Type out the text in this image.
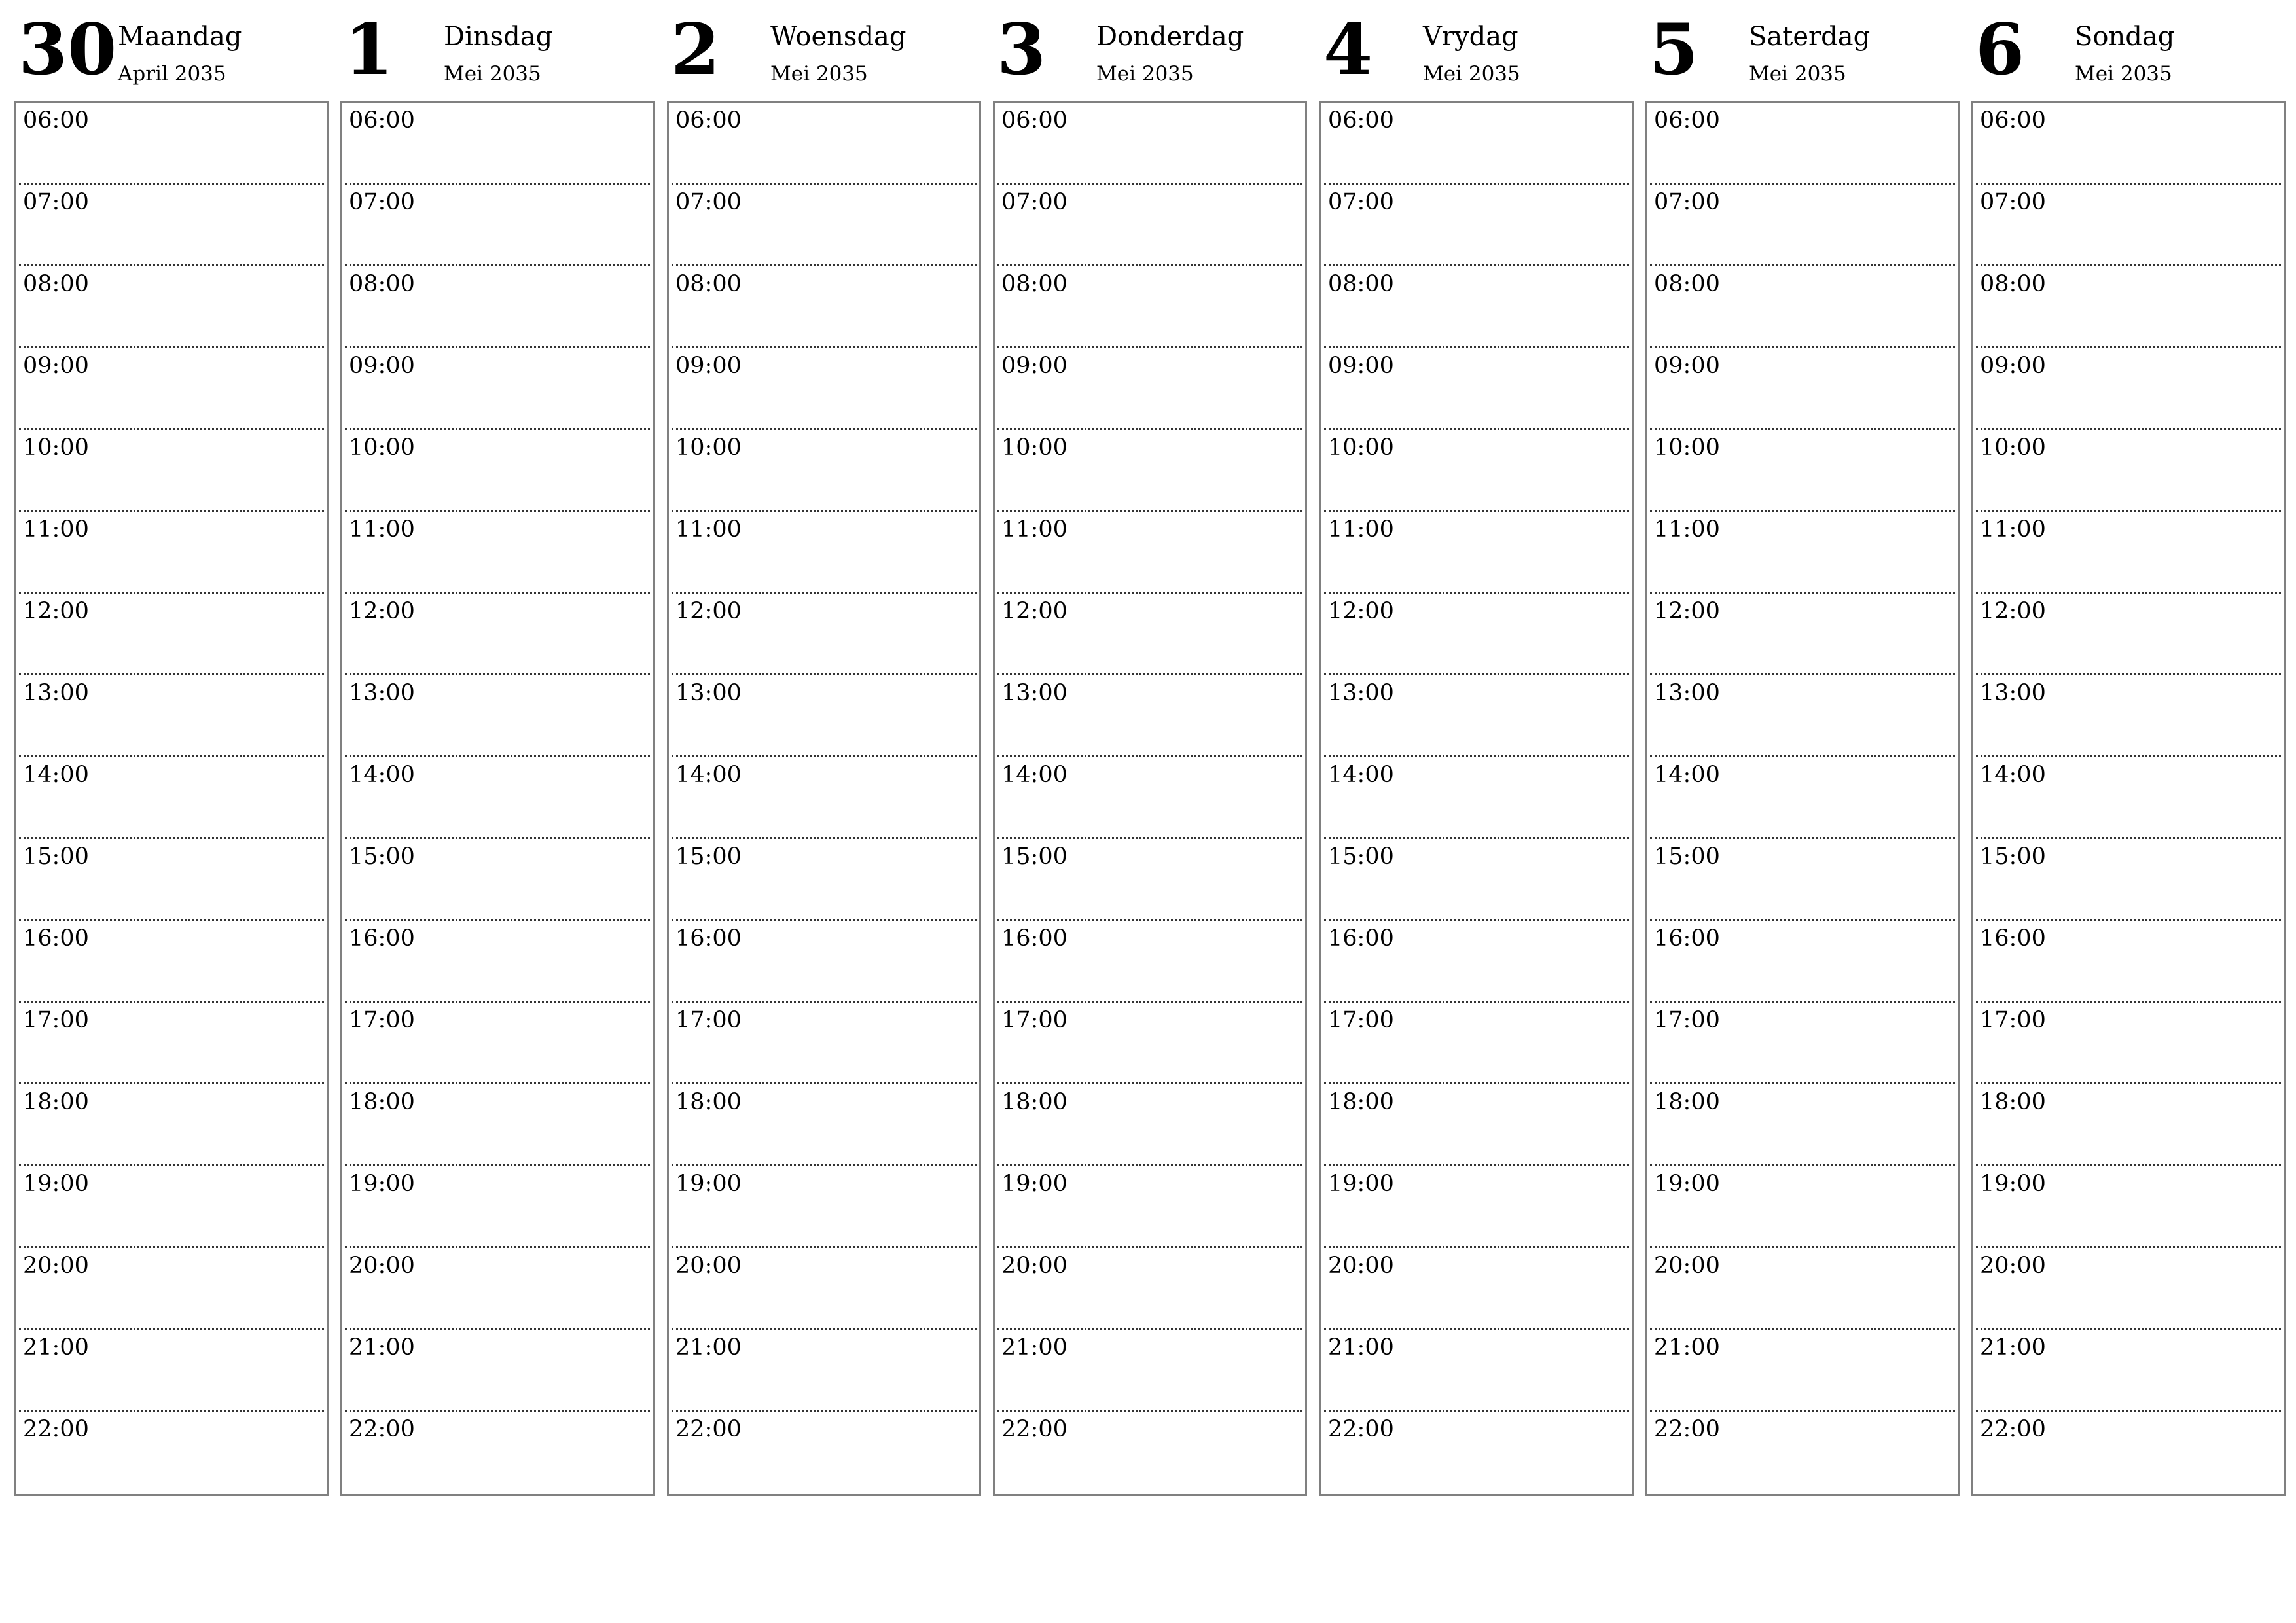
30 Maandag
April 2035
06:00
07:00
08:00
09:00
10:00
11:00
12:00
13:00
14:00
15:00
16:00
17:00
18:00
19:00
20:00
21:00
22:00
1 Dinsdag
Mei 2035
06:00
07:00
08:00
09:00
10:00
11:00
12:00
13:00
14:00
15:00
16:00
17:00
18:00
19:00
20:00
21:00
22:00
2 Woensdag
Mei 2035
06:00
07:00
08:00
09:00
10:00
11:00
12:00
13:00
14:00
15:00
16:00
17:00
18:00
19:00
20:00
21:00
22:00
3 Donderdag
Mei 2035
06:00
07:00
08:00
09:00
10:00
11:00
12:00
13:00
14:00
15:00
16:00
17:00
18:00
19:00
20:00
21:00
22:00
4 Vrydag
Mei 2035
06:00
07:00
08:00
09:00
10:00
11:00
12:00
13:00
14:00
15:00
16:00
17:00
18:00
19:00
20:00
21:00
22:00
5 Saterdag
Mei 2035
06:00
07:00
08:00
09:00
10:00
11:00
12:00
13:00
14:00
15:00
16:00
17:00
18:00
19:00
20:00
21:00
22:00
6 Sondag
Mei 2035
06:00
07:00
08:00
09:00
10:00
11:00
12:00
13:00
14:00
15:00
16:00
17:00
18:00
19:00
20:00
21:00
22:00
